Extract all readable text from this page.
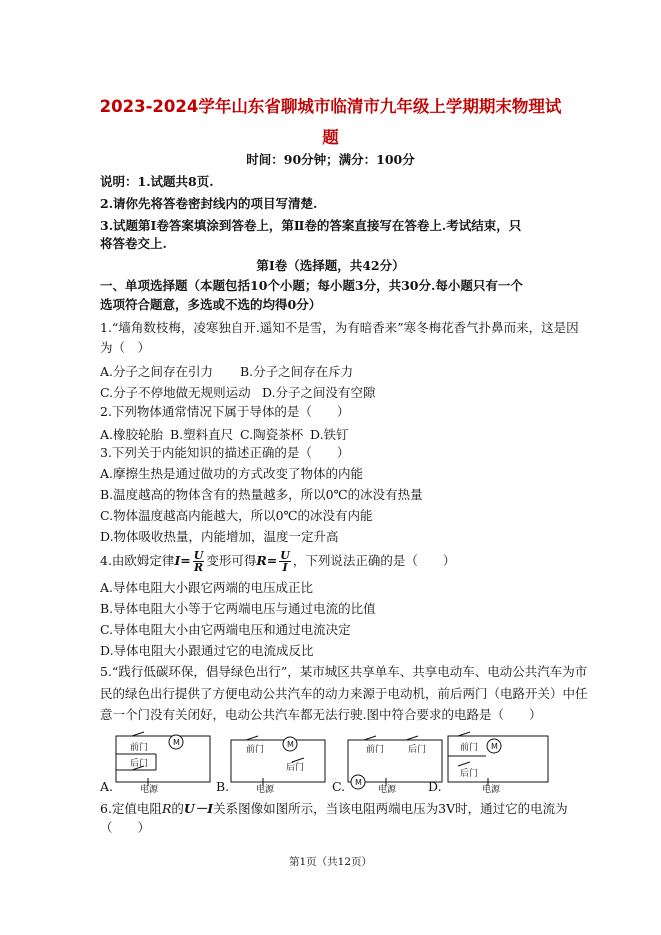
2023-2024学年山东省聊城市临清市九年级上学期期末物理试
题
时间：90分钟；满分：100分
说明：1.试题共8页.
2.请你先将答卷密封线内的项目写清楚.
3.试题第Ⅰ卷答案填涂到答卷上，第Ⅱ卷的答案直接写在答卷上.考试结束，只
将答卷交上.
第Ⅰ卷（选择题，共42分）
一、单项选择题（本题包括10个小题；每小题3分，共30分.每小题只有一个
选项符合题意，多选或不选的均得0分）
1.“墙角数枝梅，凌寒独自开.遥知不是雪，为有暗香来”寒冬梅花香气扑鼻而来，这是因
为（　）
A.分子之间存在引力 B.分子之间存在斥力
C.分子不停地做无规则运动 D.分子之间没有空隙
2.下列物体通常情况下属于导体的是（　　）
A.橡胶轮胎 B.塑料直尺 C.陶瓷茶杯 D.铁钉
3.下列关于内能知识的描述正确的是（　　）
A.摩擦生热是通过做功的方式改变了物体的内能
B.温度越高的物体含有的热量越多，所以0℃的冰没有热量
C.物体温度越高内能越大，所以0℃的冰没有内能
D.物体吸收热量，内能增加，温度一定升高
4.由欧姆定律$I= \frac{U}{R}$ 变形可得$R= \frac{U}{I}$ ，下列说法正确的是（　　）
A.导体电阻大小跟它两端的电压成正比
B.导体电阻大小等于它两端电压与通过电流的比值
C.导体电阻大小由它两端电压和通过电流决定
D.导体电阻大小跟通过它的电流成反比
5.“践行低碳环保，倡导绿色出行”，某市城区共享单车、共享电动车、电动公共汽车为市
民的绿色出行提供了方便电动公共汽车的动力来源于电动机，前后两门（电路开关）中任
意一个门没有关闭好，电动公共汽车都无法行驶.图中符合要求的电路是（　　）
前门
后门
M
电源
前门
后门
M
电源
前门	后门
M
电源
前门
后门
M
电源
A.	B.	C.	D.
6.定值电阻R的U－I关系图像如图所示，当该电阻两端电压为3V时，通过它的电流为
（　　）
第1页（共12页）
